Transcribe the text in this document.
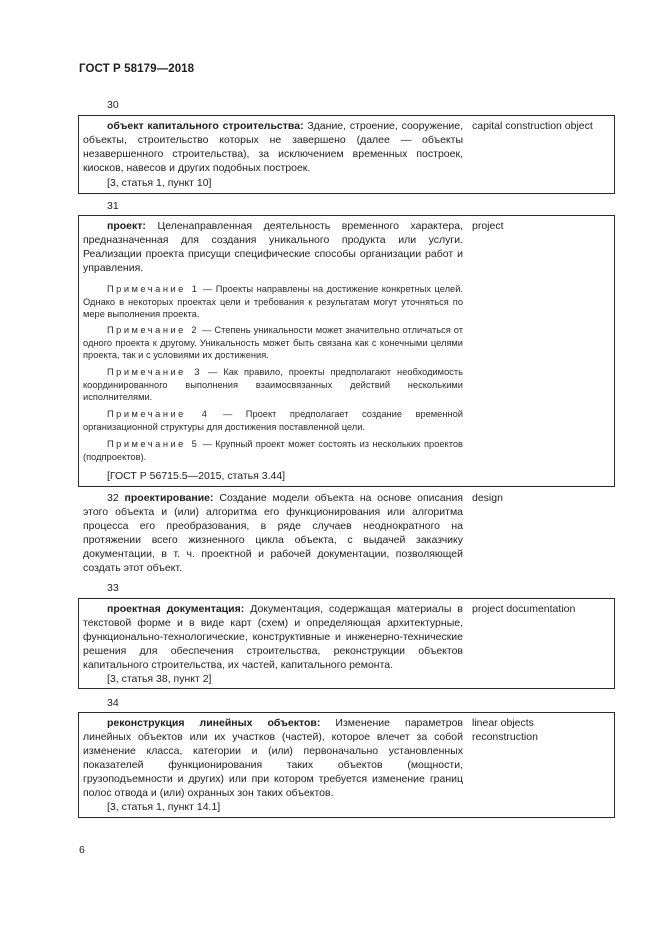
ГОСТ Р 58179—2018
30
объект капитального строительства: Здание, строение, сооружение, объекты, строительство которых не завершено (далее — объекты незавершенного строительства), за исключением временных построек, киосков, навесов и других подобных построек.
[3, статья 1, пункт 10]
capital construction object
31
проект: Целенаправленная деятельность временного характера, предназначенная для создания уникального продукта или услуги. Реализации проекта присущи специфические способы организации работ и управления.
project
Примечание 1 — Проекты направлены на достижение конкретных целей. Однако в некоторых проектах цели и требования к результатам могут уточняться по мере выполнения проекта.
Примечание 2 — Степень уникальности может значительно отличаться от одного проекта к другому. Уникальность может быть связана как с конечными целями проекта, так и с условиями их достижения.
Примечание 3 — Как правило, проекты предполагают необходимость координированного выполнения взаимосвязанных действий несколькими исполнителями.
Примечание 4 — Проект предполагает создание временной организационной структуры для достижения поставленной цели.
Примечание 5 — Крупный проект может состоять из нескольких проектов (подпроектов).
[ГОСТ Р 56715.5—2015, статья 3.44]
32 проектирование: Создание модели объекта на основе описания этого объекта и (или) алгоритма его функционирования или алгоритма процесса его преобразования, в ряде случаев неоднократного на протяжении всего жизненного цикла объекта, с выдачей заказчику документации, в т. ч. проектной и рабочей документации, позволяющей создать этот объект.
design
33
проектная документация: Документация, содержащая материалы в текстовой форме и в виде карт (схем) и определяющая архитектурные, функционально-технологические, конструктивные и инженерно-технические решения для обеспечения строительства, реконструкции объектов капитального строительства, их частей, капитального ремонта.
[3, статья 38, пункт 2]
project documentation
34
реконструкция линейных объектов: Изменение параметров линейных объектов или их участков (частей), которое влечет за собой изменение класса, категории и (или) первоначально установленных показателей функционирования таких объектов (мощности, грузоподъемности и других) или при котором требуется изменение границ полос отвода и (или) охранных зон таких объектов.
[3, статья 1, пункт 14.1]
linear objects reconstruction
6
